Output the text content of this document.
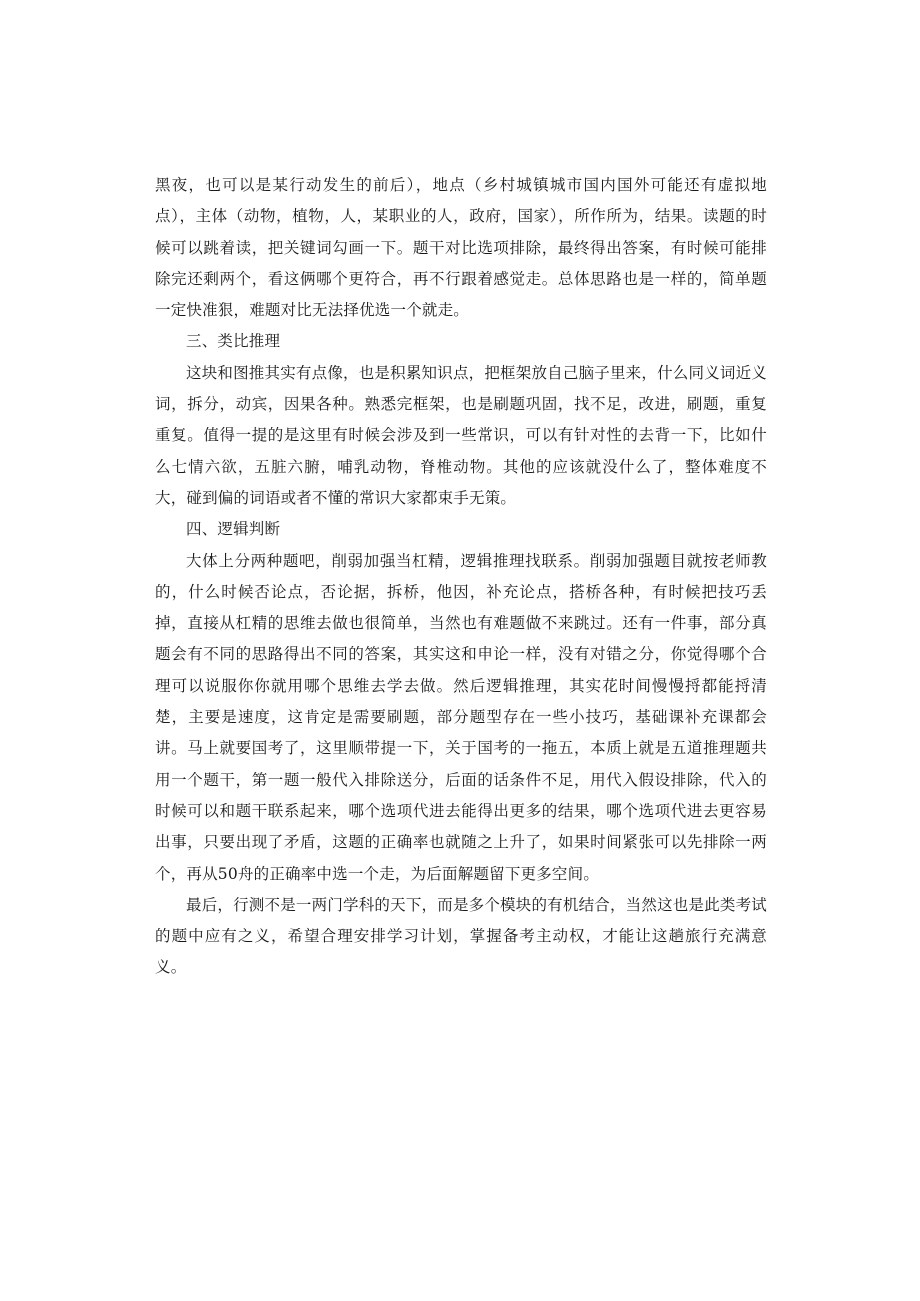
黑夜，也可以是某行动发生的前后），地点（乡村城镇城市国内国外可能还有虚拟地点），主体（动物，植物，人，某职业的人，政府，国家），所作所为，结果。读题的时候可以跳着读，把关键词勾画一下。题干对比选项排除，最终得出答案，有时候可能排除完还剩两个，看这俩哪个更符合，再不行跟着感觉走。总体思路也是一样的，简单题一定快准狠，难题对比无法择优选一个就走。

三、类比推理

这块和图推其实有点像，也是积累知识点，把框架放自己脑子里来，什么同义词近义词，拆分，动宾，因果各种。熟悉完框架，也是刷题巩固，找不足，改进，刷题，重复重复。值得一提的是这里有时候会涉及到一些常识，可以有针对性的去背一下，比如什么七情六欲，五脏六腑，哺乳动物，脊椎动物。其他的应该就没什么了，整体难度不大，碰到偏的词语或者不懂的常识大家都束手无策。

四、逻辑判断

大体上分两种题吧，削弱加强当杠精，逻辑推理找联系。削弱加强题目就按老师教的，什么时候否论点，否论据，拆桥，他因，补充论点，搭桥各种，有时候把技巧丢掉，直接从杠精的思维去做也很简单，当然也有难题做不来跳过。还有一件事，部分真题会有不同的思路得出不同的答案，其实这和申论一样，没有对错之分，你觉得哪个合理可以说服你你就用哪个思维去学去做。然后逻辑推理，其实花时间慢慢捋都能捋清楚，主要是速度，这肯定是需要刷题，部分题型存在一些小技巧，基础课补充课都会讲。马上就要国考了，这里顺带提一下，关于国考的一拖五，本质上就是五道推理题共用一个题干，第一题一般代入排除送分，后面的话条件不足，用代入假设排除，代入的时候可以和题干联系起来，哪个选项代进去能得出更多的结果，哪个选项代进去更容易出事，只要出现了矛盾，这题的正确率也就随之上升了，如果时间紧张可以先排除一两个，再从50舟的正确率中选一个走，为后面解题留下更多空间。

最后，行测不是一两门学科的天下，而是多个模块的有机结合，当然这也是此类考试的题中应有之义，希望合理安排学习计划，掌握备考主动权，才能让这趟旅行充满意义。
